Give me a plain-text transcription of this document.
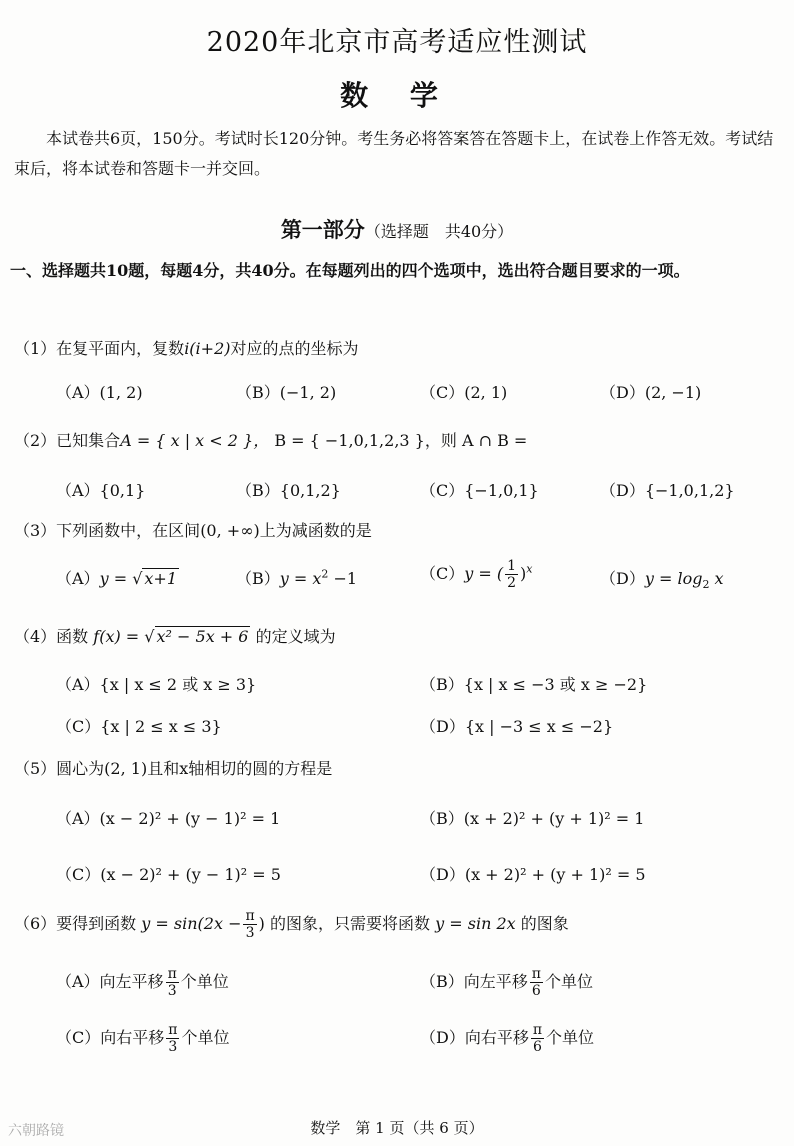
2020年北京市高考适应性测试
数 学
本试卷共6页，150分。考试时长120分钟。考生务必将答案答在答题卡上，在试卷上作答无效。考试结束后，将本试卷和答题卡一并交回。
第一部分（选择题　共40分）
一、选择题共10题，每题4分，共40分。在每题列出的四个选项中，选出符合题目要求的一项。
（1）在复平面内，复数i(i+2)对应的点的坐标为
（A）(1, 2)	（B）(−1, 2)	（C）(2, 1)	（D）(2, −1)
（2）已知集合A = { x | x < 2 }， B = { −1,0,1,2,3 }，则 A ∩ B =
（A）{0,1}	（B）{0,1,2}	（C）{−1,0,1}	（D）{−1,0,1,2}
（3）下列函数中，在区间(0, +∞)上为减函数的是
（A）y = √ x+1	$(B)y = x^2 -1$	（C）y = ( $\frac{1}{2} )^x$	$(D)y = \log_2 x$
（4）函数 f(x) = √ x² − 5x + 6 的定义域为
（A）{x | x ≤ 2 或 x ≥ 3}	（B）{x | x ≤ −3 或 x ≥ −2}
（C）{x | 2 ≤ x ≤ 3}	（D）{x | −3 ≤ x ≤ −2}
（5）圆心为(2, 1)且和x轴相切的圆的方程是
（A）(x − 2)² + (y − 1)² = 1	（B）(x + 2)² + (y + 1)² = 1
（C）(x − 2)² + (y − 1)² = 5	（D）(x + 2)² + (y + 1)² = 5
（6）要得到函数 $y = \sin(2x - \frac{\pi}{3}$ ) 的图象，只需要将函数 y = sin 2x 的图象
（A）向左平移 $\frac{\pi}{3}$ 个单位	（B）向左平移 $\frac{\pi}{6}$ 个单位
（C）向右平移 $\frac{\pi}{3}$ 个单位	（D）向右平移 $\frac{\pi}{6}$ 个单位
数学　第 1 页（共 6 页）
六朝路镜
